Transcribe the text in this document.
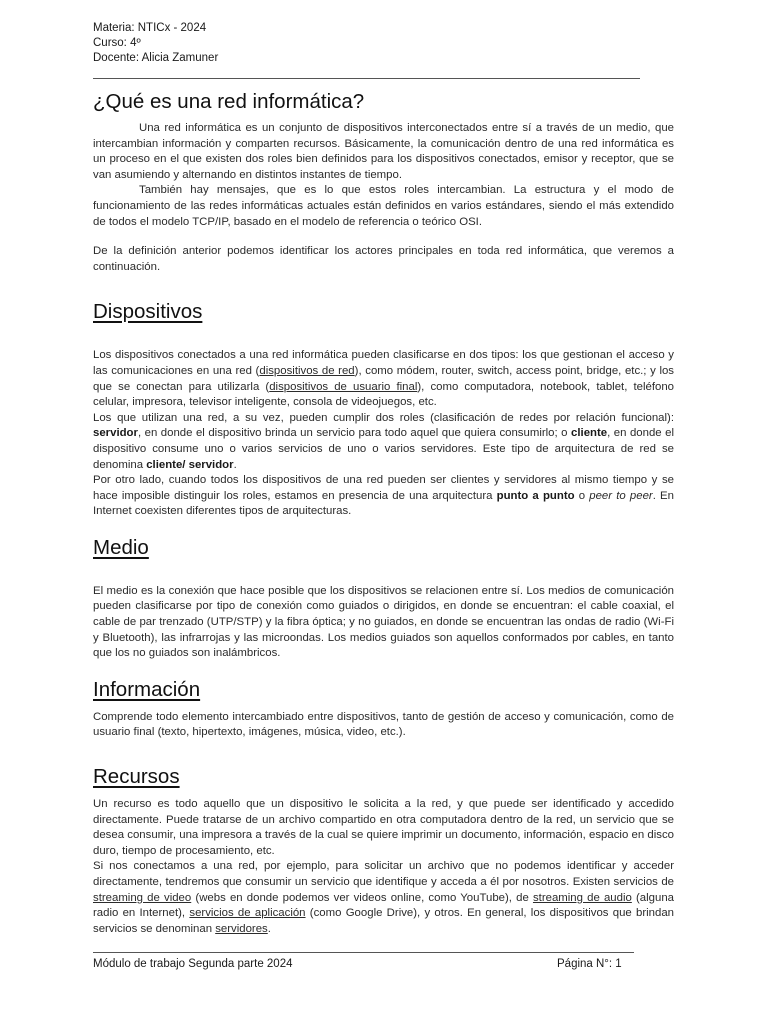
Materia: NTICx - 2024
Curso: 4º
Docente: Alicia Zamuner
¿Qué es una red informática?

Una red informática es un conjunto de dispositivos interconectados entre sí a través de un medio, que intercambian información y comparten recursos. Básicamente, la comunicación dentro de una red informática es un proceso en el que existen dos roles bien definidos para los dispositivos conectados, emisor y receptor, que se van asumiendo y alternando en distintos instantes de tiempo.

También hay mensajes, que es lo que estos roles intercambian. La estructura y el modo de funcionamiento de las redes informáticas actuales están definidos en varios estándares, siendo el más extendido de todos el modelo TCP/IP, basado en el modelo de referencia o teórico OSI.

De la definición anterior podemos identificar los actores principales en toda red informática, que veremos a continuación.

Dispositivos

Los dispositivos conectados a una red informática pueden clasificarse en dos tipos: los que gestionan el acceso y las comunicaciones en una red (dispositivos de red), como módem, router, switch, access point, bridge, etc.; y los que se conectan para utilizarla (dispositivos de usuario final), como computadora, notebook, tablet, teléfono celular, impresora, televisor inteligente, consola de videojuegos, etc.

Los que utilizan una red, a su vez, pueden cumplir dos roles (clasificación de redes por relación funcional): servidor, en donde el dispositivo brinda un servicio para todo aquel que quiera consumirlo; o cliente, en donde el dispositivo consume uno o varios servicios de uno o varios servidores. Este tipo de arquitectura de red se denomina cliente/ servidor.

Por otro lado, cuando todos los dispositivos de una red pueden ser clientes y servidores al mismo tiempo y se hace imposible distinguir los roles, estamos en presencia de una arquitectura punto a punto o peer to peer. En Internet coexisten diferentes tipos de arquitecturas.

Medio

El medio es la conexión que hace posible que los dispositivos se relacionen entre sí. Los medios de comunicación pueden clasificarse por tipo de conexión como guiados o dirigidos, en donde se encuentran: el cable coaxial, el cable de par trenzado (UTP/STP) y la fibra óptica; y no guiados, en donde se encuentran las ondas de radio (Wi-Fi y Bluetooth), las infrarrojas y las microondas. Los medios guiados son aquellos conformados por cables, en tanto que los no guiados son inalámbricos.

Información

Comprende todo elemento intercambiado entre dispositivos, tanto de gestión de acceso y comunicación, como de usuario final (texto, hipertexto, imágenes, música, video, etc.).

Recursos

Un recurso es todo aquello que un dispositivo le solicita a la red, y que puede ser identificado y accedido directamente. Puede tratarse de un archivo compartido en otra computadora dentro de la red, un servicio que se desea consumir, una impresora a través de la cual se quiere imprimir un documento, información, espacio en disco duro, tiempo de procesamiento, etc.

Si nos conectamos a una red, por ejemplo, para solicitar un archivo que no podemos identificar y acceder directamente, tendremos que consumir un servicio que identifique y acceda a él por nosotros. Existen servicios de streaming de video (webs en donde podemos ver videos online, como YouTube), de streaming de audio (alguna radio en Internet), servicios de aplicación (como Google Drive), y otros. En general, los dispositivos que brindan servicios se denominan servidores.

Módulo de trabajo Segunda parte 2024	Página N°: 1
